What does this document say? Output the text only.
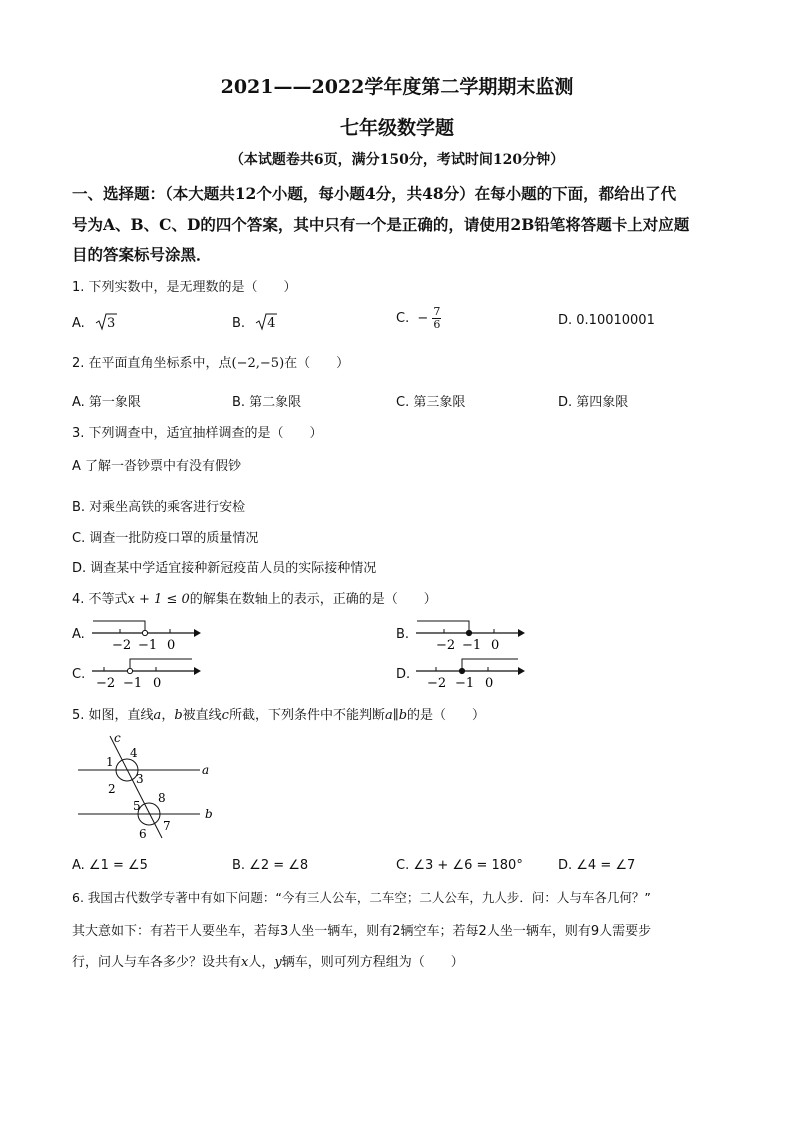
2021——2022学年度第二学期期末监测
七年级数学题
（本试题卷共6页，满分150分，考试时间120分钟）
一、选择题：（本大题共12个小题，每小题4分，共48分）在每小题的下面，都给出了代
号为A、B、C、D的四个答案，其中只有一个是正确的，请使用2B铅笔将答题卡上对应题
目的答案标号涂黑．
1. 下列实数中，是无理数的是（　　）
A. 3	B. 4	C. − $\frac{7}{6}$	D. 0.10010001
2. 在平面直角坐标系中，点(−2,−5)在（　　）
A. 第一象限	B. 第二象限	C. 第三象限	D. 第四象限
3. 下列调查中，适宜抽样调查的是（　　）
A 了解一沓钞票中有没有假钞
B. 对乘坐高铁的乘客进行安检
C. 调查一批防疫口罩的质量情况
D. 调查某中学适宜接种新冠疫苗人员的实际接种情况
4. 不等式x + 1 ≤ 0的解集在数轴上的表示，正确的是（　　）
A.
−2 −1 0
B.
−2 −1 0
C.
−2 −1 0
D.
−2 −1 0
5. 如图，直线a，b被直线c所截，下列条件中不能判断a∥b的是（　　）
c
a
b
1
4
3
2
5
8
7
6
A. ∠1 = ∠5	B. ∠2 = ∠8	C. ∠3 + ∠6 = 180°	D. ∠4 = ∠7
6. 我国古代数学专著中有如下问题：“今有三人公车，二车空；二人公车，九人步．问：人与车各几何？”
其大意如下：有若干人要坐车，若每3人坐一辆车，则有2辆空车；若每2人坐一辆车，则有9人需要步
行，问人与车各多少？设共有x人，y辆车，则可列方程组为（　　）
